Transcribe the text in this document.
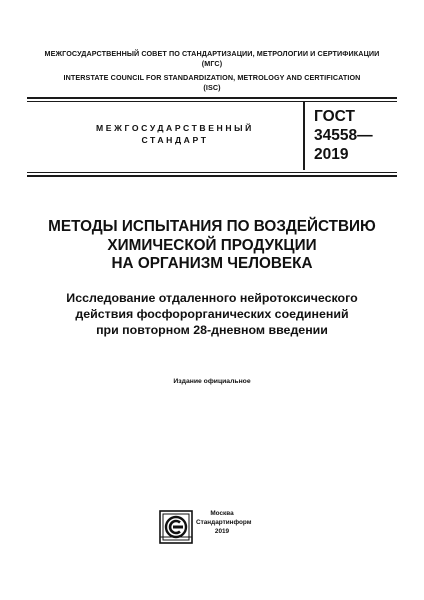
МЕЖГОСУДАРСТВЕННЫЙ СОВЕТ ПО СТАНДАРТИЗАЦИИ, МЕТРОЛОГИИ И СЕРТИФИКАЦИИ
(МГС)
INTERSTATE COUNCIL FOR STANDARDIZATION, METROLOGY AND CERTIFICATION
(ISC)
МЕЖГОСУДАРСТВЕННЫЙ
СТАНДАРТ
ГОСТ
34558—
2019
МЕТОДЫ ИСПЫТАНИЯ ПО ВОЗДЕЙСТВИЮ
ХИМИЧЕСКОЙ ПРОДУКЦИИ
НА ОРГАНИЗМ ЧЕЛОВЕКА
Исследование отдаленного нейротоксического
действия фосфорорганических соединений
при повторном 28-дневном введении
Издание официальное
Москва
Стандартинформ
2019
